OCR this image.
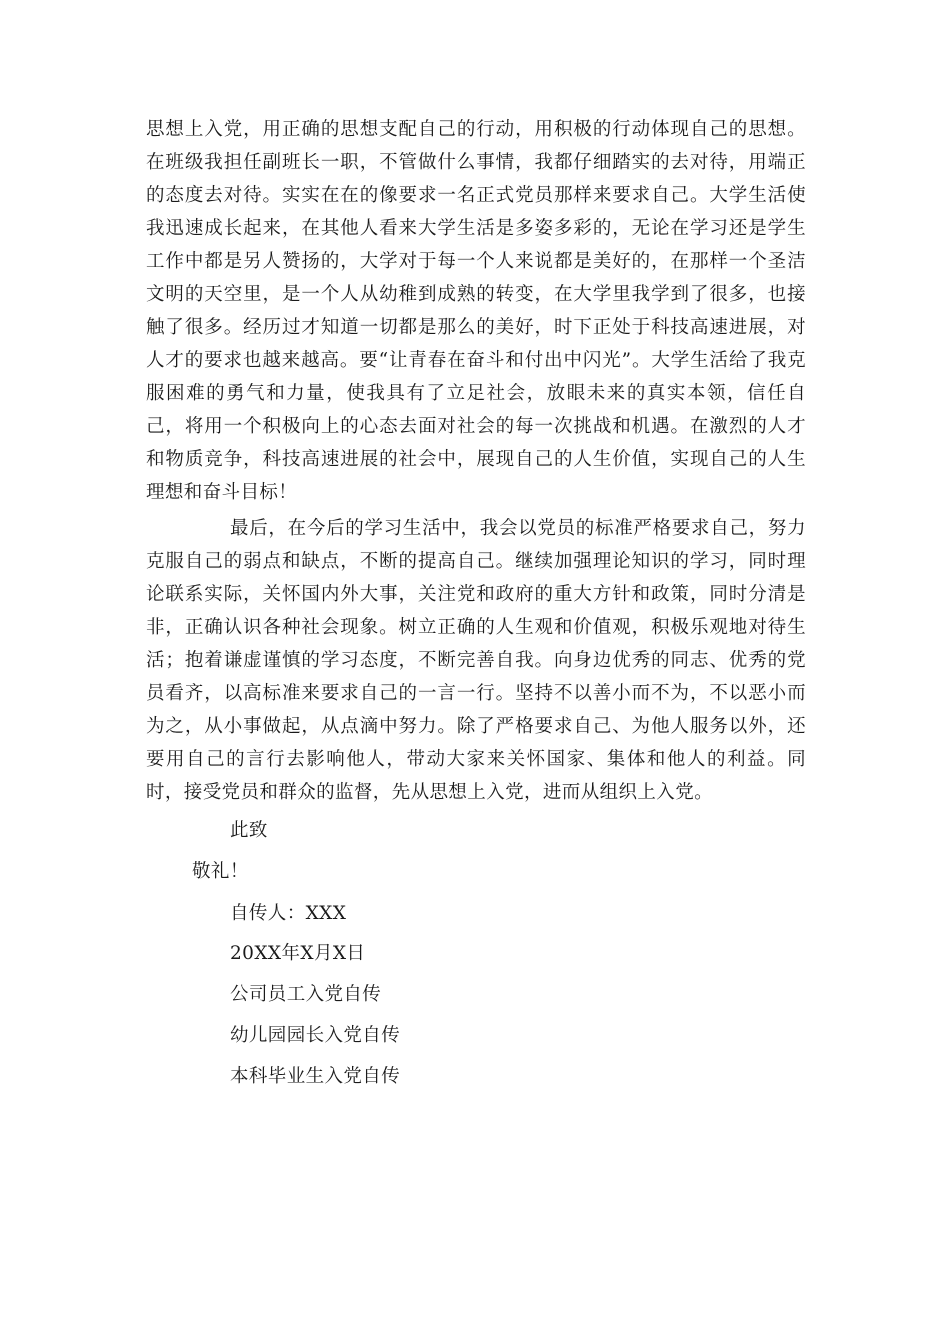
思想上入党，用正确的思想支配自己的行动，用积极的行动体现自己的思想。在班级我担任副班长一职，不管做什么事情，我都仔细踏实的去对待，用端正的态度去对待。实实在在的像要求一名正式党员那样来要求自己。大学生活使我迅速成长起来，在其他人看来大学生活是多姿多彩的，无论在学习还是学生工作中都是另人赞扬的，大学对于每一个人来说都是美好的，在那样一个圣洁文明的天空里，是一个人从幼稚到成熟的转变，在大学里我学到了很多，也接触了很多。经历过才知道一切都是那么的美好，时下正处于科技高速进展，对人才的要求也越来越高。要“让青春在奋斗和付出中闪光”。大学生活给了我克服困难的勇气和力量，使我具有了立足社会，放眼未来的真实本领，信任自己，将用一个积极向上的心态去面对社会的每一次挑战和机遇。在激烈的人才和物质竞争，科技高速进展的社会中，展现自己的人生价值，实现自己的人生理想和奋斗目标！

最后，在今后的学习生活中，我会以党员的标准严格要求自己，努力克服自己的弱点和缺点，不断的提高自己。继续加强理论知识的学习，同时理论联系实际，关怀国内外大事，关注党和政府的重大方针和政策，同时分清是非，正确认识各种社会现象。树立正确的人生观和价值观，积极乐观地对待生活；抱着谦虚谨慎的学习态度，不断完善自我。向身边优秀的同志、优秀的党员看齐，以高标准来要求自己的一言一行。坚持不以善小而不为，不以恶小而为之，从小事做起，从点滴中努力。除了严格要求自己、为他人服务以外，还要用自己的言行去影响他人，带动大家来关怀国家、集体和他人的利益。同时，接受党员和群众的监督，先从思想上入党，进而从组织上入党。

此致

敬礼！

自传人：XXX

20XX年X月X日

公司员工入党自传

幼儿园园长入党自传

本科毕业生入党自传
